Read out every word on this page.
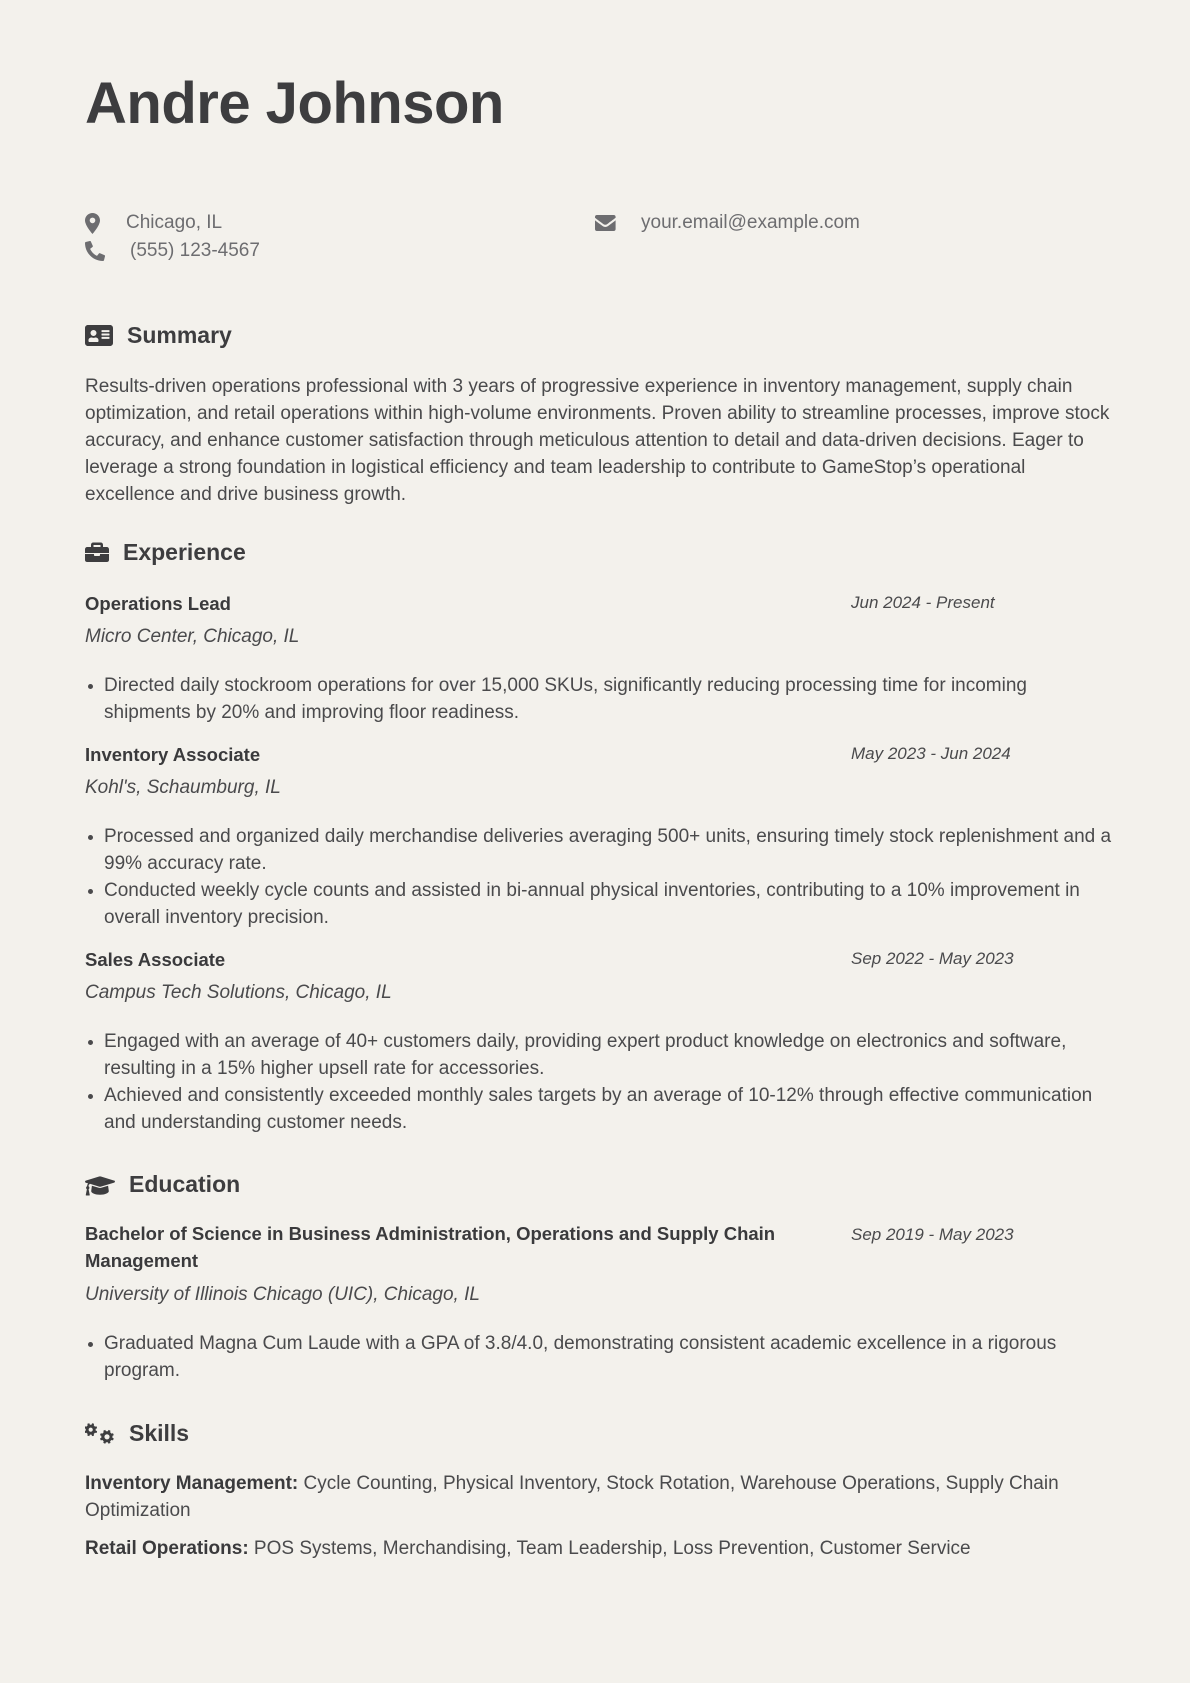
Andre Johnson
Chicago, IL
(555) 123-4567
your.email@example.com
Summary

Results-driven operations professional with 3 years of progressive experience in inventory management, supply chain optimization, and retail operations within high-volume environments. Proven ability to streamline processes, improve stock accuracy, and enhance customer satisfaction through meticulous attention to detail and data-driven decisions. Eager to leverage a strong foundation in logistical efficiency and team leadership to contribute to GameStop’s operational excellence and drive business growth.

Experience
Operations Lead	Jun 2024 - Present
Micro Center, Chicago, IL
Directed daily stockroom operations for over 15,000 SKUs, significantly reducing processing time for incoming shipments by 20% and improving floor readiness.
Inventory Associate	May 2023 - Jun 2024
Kohl's, Schaumburg, IL
Processed and organized daily merchandise deliveries averaging 500+ units, ensuring timely stock replenishment and a 99% accuracy rate.
Conducted weekly cycle counts and assisted in bi-annual physical inventories, contributing to a 10% improvement in overall inventory precision.
Sales Associate	Sep 2022 - May 2023
Campus Tech Solutions, Chicago, IL
Engaged with an average of 40+ customers daily, providing expert product knowledge on electronics and software, resulting in a 15% higher upsell rate for accessories.
Achieved and consistently exceeded monthly sales targets by an average of 10-12% through effective communication and understanding customer needs.
Education
Bachelor of Science in Business Administration, Operations and Supply Chain Management
Sep 2019 - May 2023
University of Illinois Chicago (UIC), Chicago, IL
Graduated Magna Cum Laude with a GPA of 3.8/4.0, demonstrating consistent academic excellence in a rigorous program.
Skills
Inventory Management: Cycle Counting, Physical Inventory, Stock Rotation, Warehouse Operations, Supply Chain Optimization
Retail Operations: POS Systems, Merchandising, Team Leadership, Loss Prevention, Customer Service
